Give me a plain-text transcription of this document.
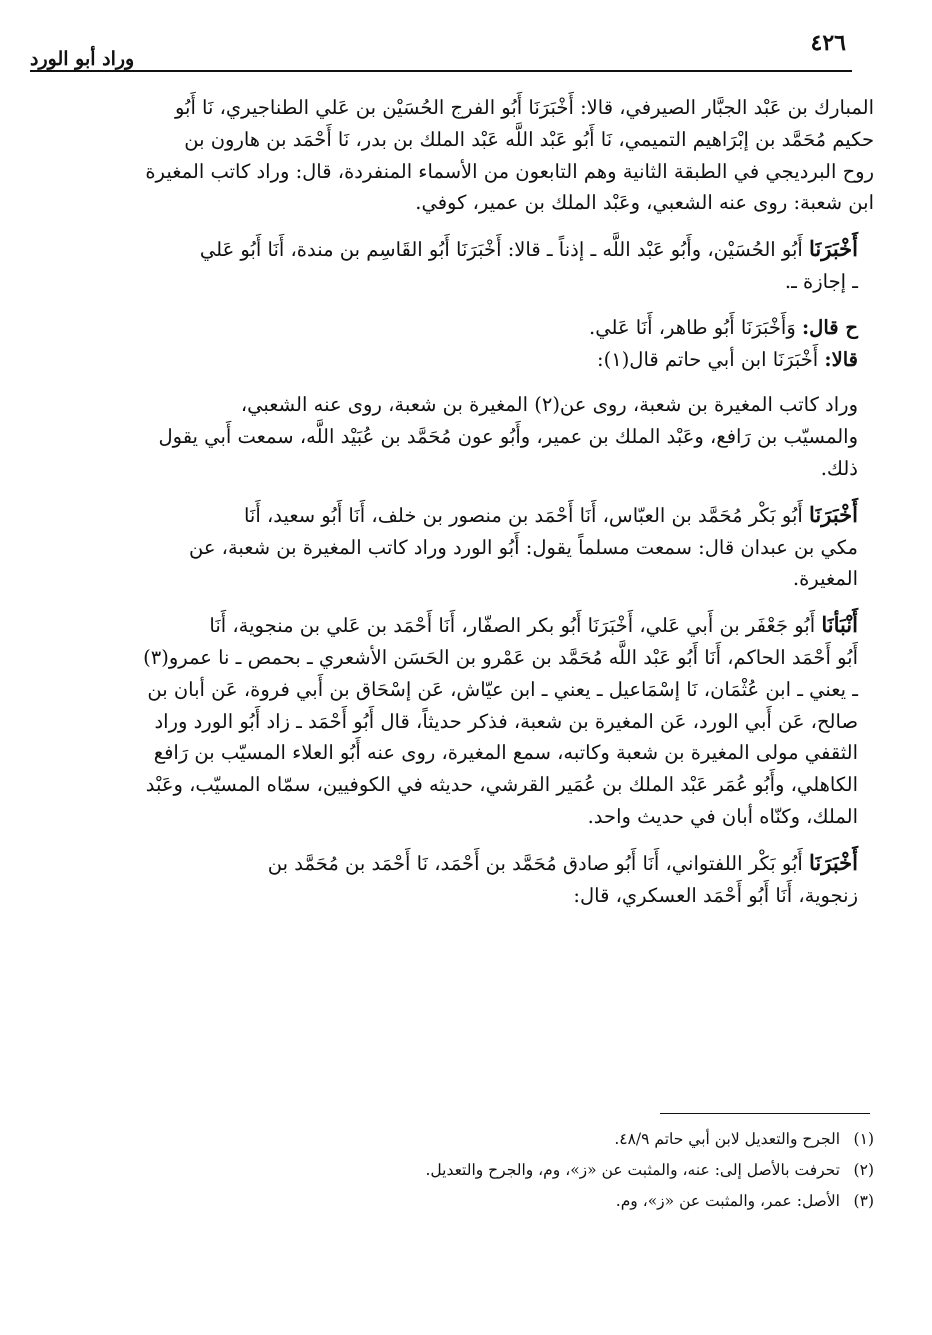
٤٢٦
وراد أبو الورد

المبارك بن عَبْد الجبَّار الصيرفي، قالا: أَخْبَرَنَا أَبُو الفرج الحُسَيْن بن عَلي الطناجيري، نَا أَبُو
حكيم مُحَمَّد بن إبْرَاهيم التميمي، نَا أَبُو عَبْد اللَّه عَبْد الملك بن بدر، نَا أَحْمَد بن هارون بن
روح البرديجي في الطبقة الثانية وهم التابعون من الأسماء المنفردة، قال: وراد كاتب المغيرة
ابن شعبة: روى عنه الشعبي، وعَبْد الملك بن عمير، كوفي.

أَخْبَرَنَا أَبُو الحُسَيْن، وأَبُو عَبْد اللَّه ـ إذناً ـ قالا: أَخْبَرَنَا أَبُو القَاسِم بن مندة، أَنَا أَبُو عَلي
ـ إجازة ـ.

ح قال: وَأَخْبَرَنَا أَبُو طاهر، أَنَا عَلي.

قالا: أَخْبَرَنَا ابن أبي حاتم قال(١):

وراد كاتب المغيرة بن شعبة، روى عن(٢) المغيرة بن شعبة، روى عنه الشعبي،
والمسيّب بن رَافع، وعَبْد الملك بن عمير، وأَبُو عون مُحَمَّد بن عُبَيْد اللَّه، سمعت أَبي يقول
ذلك.

أَخْبَرَنَا أَبُو بَكْر مُحَمَّد بن العبّاس، أَنَا أَحْمَد بن منصور بن خلف، أَنَا أَبُو سعيد، أَنَا
مكي بن عبدان قال: سمعت مسلماً يقول: أَبُو الورد وراد كاتب المغيرة بن شعبة، عن
المغيرة.

أَنْبَأنَا أَبُو جَعْفَر بن أَبي عَلي، أَخْبَرَنَا أَبُو بكر الصفّار، أَنَا أَحْمَد بن عَلي بن منجوية، أَنَا
أَبُو أَحْمَد الحاكم، أَنَا أَبُو عَبْد اللَّه مُحَمَّد بن عَمْرو بن الحَسَن الأشعري ـ بحمص ـ نا عمرو(٣)
ـ يعني ـ ابن عُثْمَان، نَا إسْمَاعيل ـ يعني ـ ابن عيّاش، عَن إسْحَاق بن أَبي فروة، عَن أبان بن
صالح، عَن أَبي الورد، عَن المغيرة بن شعبة، فذكر حديثاً، قال أَبُو أَحْمَد ـ زاد أَبُو الورد وراد
الثقفي مولى المغيرة بن شعبة وكاتبه، سمع المغيرة، روى عنه أَبُو العلاء المسيّب بن رَافع
الكاهلي، وأَبُو عُمَر عَبْد الملك بن عُمَير القرشي، حديثه في الكوفيين، سمّاه المسيّب، وعَبْد
الملك، وكنّاه أبان في حديث واحد.

أَخْبَرَنَا أَبُو بَكْر اللفتواني، أَنَا أَبُو صادق مُحَمَّد بن أَحْمَد، نَا أَحْمَد بن مُحَمَّد بن
زنجوية، أَنَا أَبُو أَحْمَد العسكري، قال:

(١)الجرح والتعديل لابن أبي حاتم ٤٨/٩.
(٢)تحرفت بالأصل إلى: عنه، والمثبت عن «ز»، وم، والجرح والتعديل.
(٣)الأصل: عمر، والمثبت عن «ز»، وم.
